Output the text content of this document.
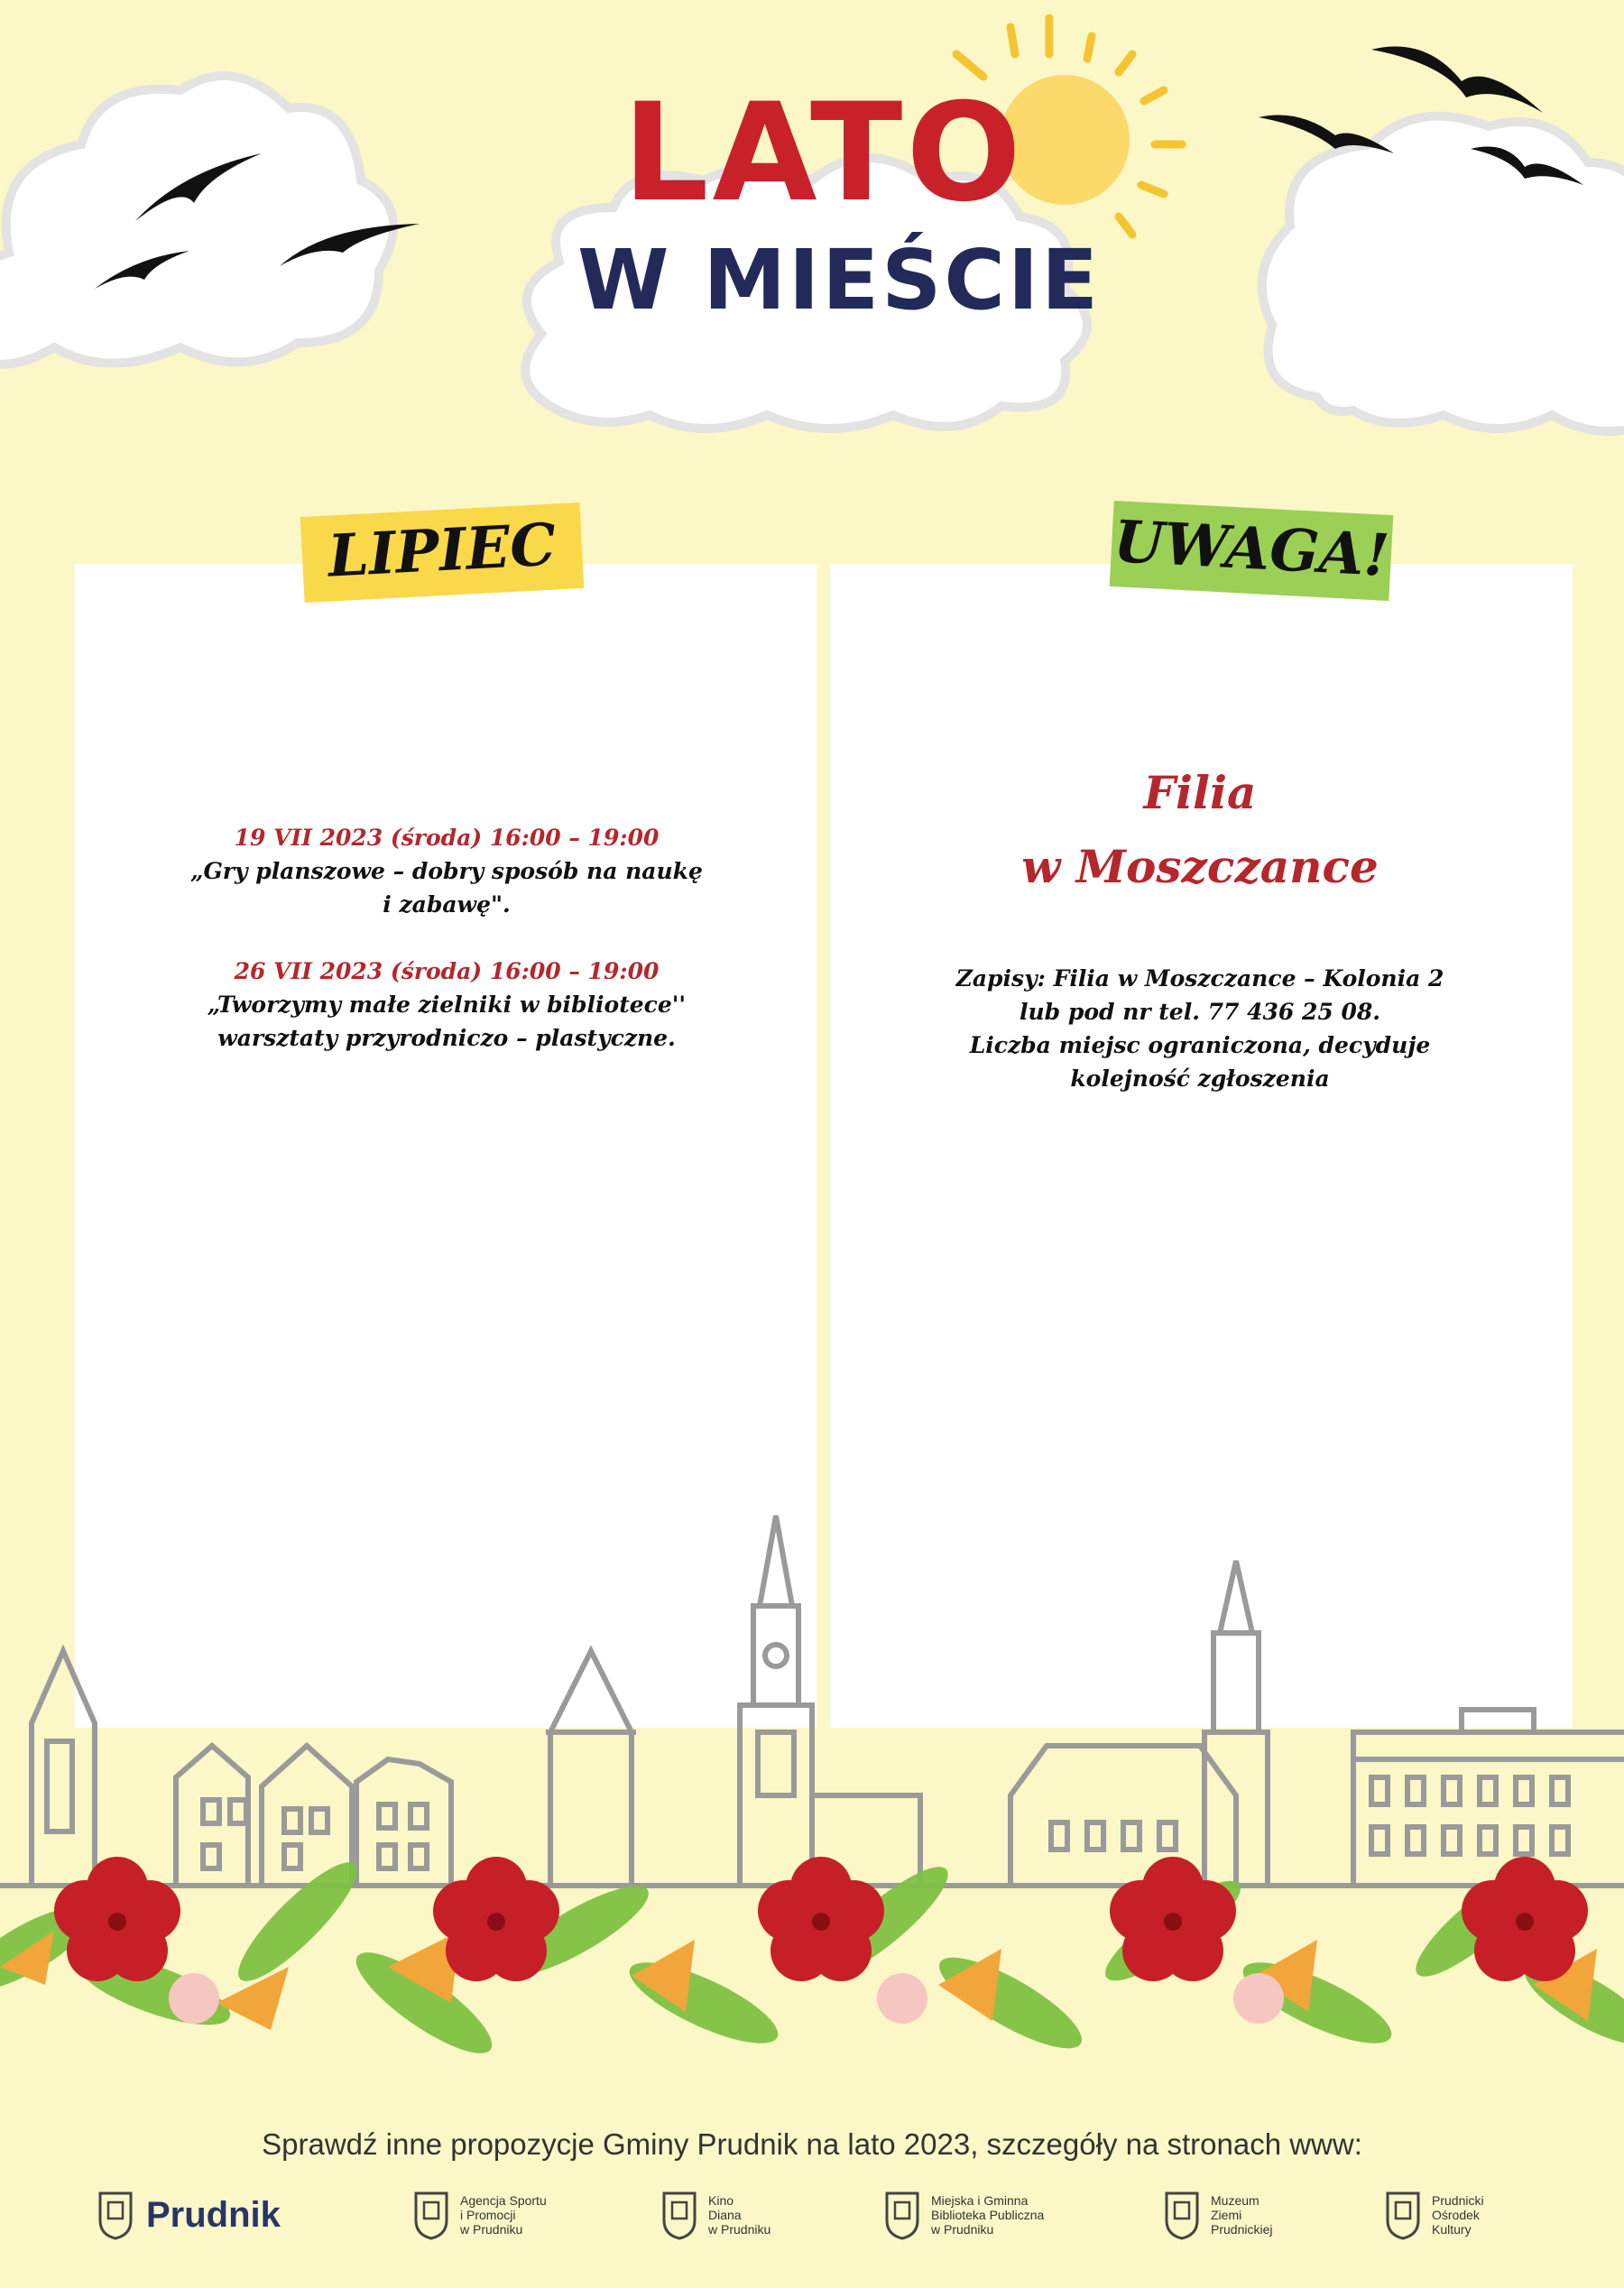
LATO
W MIEŚCIE
LIPIEC	UWAGA!
19 VII 2023 (środa) 16:00 – 19:00
„Gry planszowe – dobry sposób na naukę
i zabawę".
26 VII 2023 (środa) 16:00 – 19:00
„Tworzymy małe zielniki w bibliotece''
warsztaty przyrodniczo – plastyczne.
Filia
w Moszczance
Zapisy: Filia w Moszczance – Kolonia 2
lub pod nr tel. 77 436 25 08.
Liczba miejsc ograniczona, decyduje
kolejność zgłoszenia
Sprawdź inne propozycje Gminy Prudnik na lato 2023, szczegóły na stronach www:
Prudnik	Agencja Sportu
i Promocji
w Prudniku
Kino
Diana
w Prudniku
Miejska i Gminna
Biblioteka Publiczna
w Prudniku
Muzeum
Ziemi
Prudnickiej
Prudnicki
Ośrodek
Kultury
